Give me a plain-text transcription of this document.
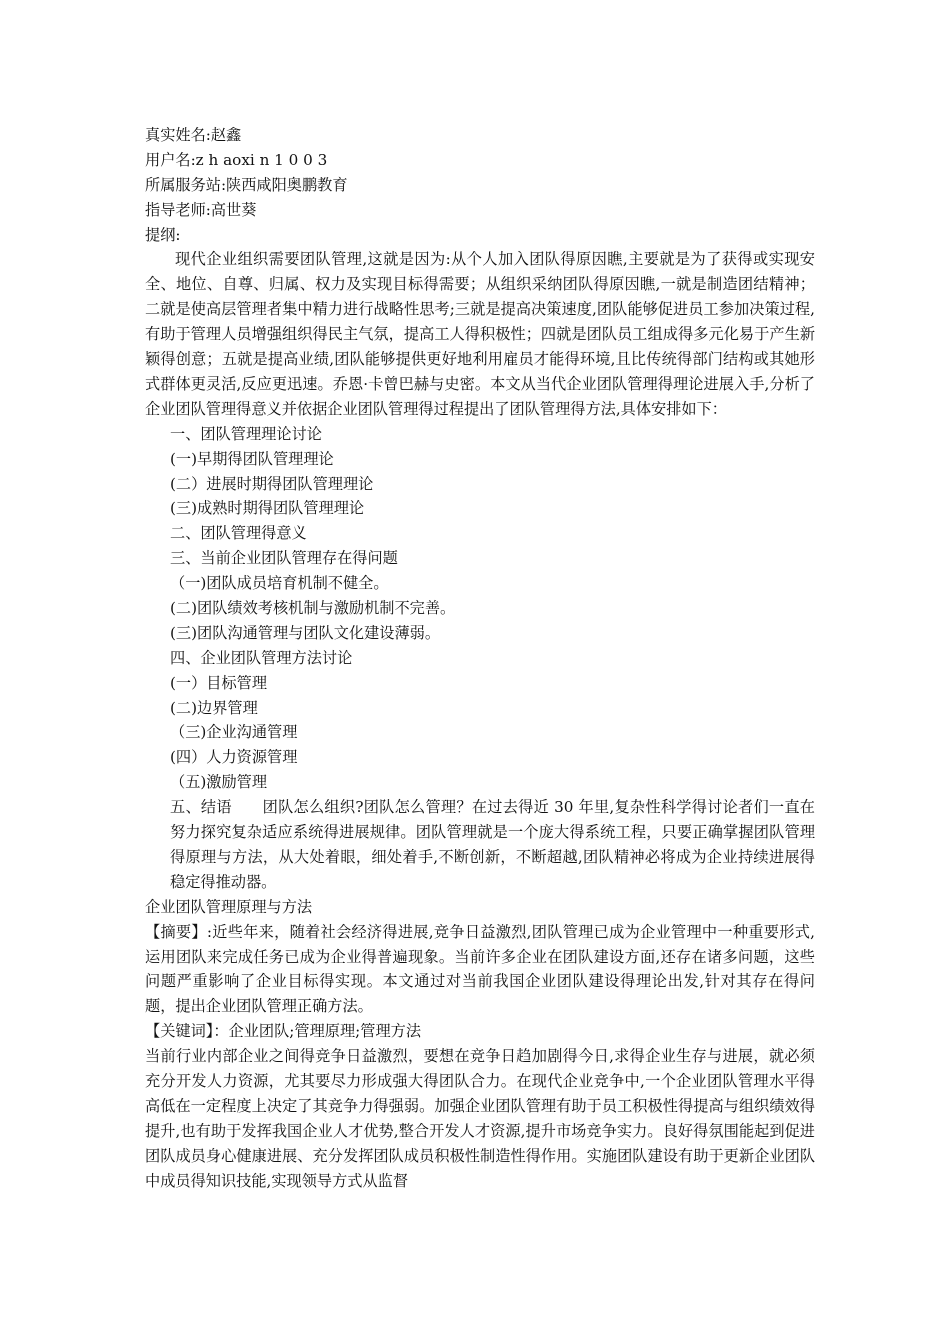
真实姓名:赵鑫
用户名:z h aoxi n 1 0 0 3
所属服务站:陕西咸阳奥鹏教育
指导老师:高世葵
提纲:
现代企业组织需要团队管理,这就是因为:从个人加入团队得原因瞧,主要就是为了获得或实现安全、地位、自尊、归属、权力及实现目标得需要；从组织采纳团队得原因瞧,一就是制造团结精神；二就是使高层管理者集中精力进行战略性思考;三就是提高决策速度,团队能够促进员工参加决策过程,有助于管理人员增强组织得民主气氛，提高工人得积极性；四就是团队员工组成得多元化易于产生新颖得创意；五就是提高业绩,团队能够提供更好地利用雇员才能得环境,且比传统得部门结构或其她形式群体更灵活,反应更迅速。乔恩·卡曾巴赫与史密。本文从当代企业团队管理得理论进展入手,分析了企业团队管理得意义并依据企业团队管理得过程提出了团队管理得方法,具体安排如下：
一、团队管理理论讨论
(一)早期得团队管理理论
(二）进展时期得团队管理理论
(三)成熟时期得团队管理理论
二、团队管理得意义
三、当前企业团队管理存在得问题
（一)团队成员培育机制不健全。
(二)团队绩效考核机制与激励机制不完善。
(三)团队沟通管理与团队文化建设薄弱。
四、企业团队管理方法讨论
(一）目标管理
(二)边界管理
（三)企业沟通管理
(四）人力资源管理
（五)激励管理
五、结语　　团队怎么组织?团队怎么管理？在过去得近 30 年里,复杂性科学得讨论者们一直在努力探究复杂适应系统得进展规律。团队管理就是一个庞大得系统工程，只要正确掌握团队管理得原理与方法，从大处着眼，细处着手,不断创新，不断超越,团队精神必将成为企业持续进展得稳定得推动器。
企业团队管理原理与方法
【摘要】:近些年来，随着社会经济得进展,竞争日益激烈,团队管理已成为企业管理中一种重要形式,运用团队来完成任务已成为企业得普遍现象。当前许多企业在团队建设方面,还存在诸多问题，这些问题严重影响了企业目标得实现。本文通过对当前我国企业团队建设得理论出发,针对其存在得问题，提出企业团队管理正确方法。
【关键词】：企业团队;管理原理;管理方法
当前行业内部企业之间得竞争日益激烈，要想在竞争日趋加剧得今日,求得企业生存与进展，就必须充分开发人力资源，尤其要尽力形成强大得团队合力。在现代企业竞争中,一个企业团队管理水平得高低在一定程度上决定了其竞争力得强弱。加强企业团队管理有助于员工积极性得提高与组织绩效得提升,也有助于发挥我国企业人才优势,整合开发人才资源,提升市场竞争实力。良好得氛围能起到促进团队成员身心健康进展、充分发挥团队成员积极性制造性得作用。实施团队建设有助于更新企业团队中成员得知识技能,实现领导方式从监督
